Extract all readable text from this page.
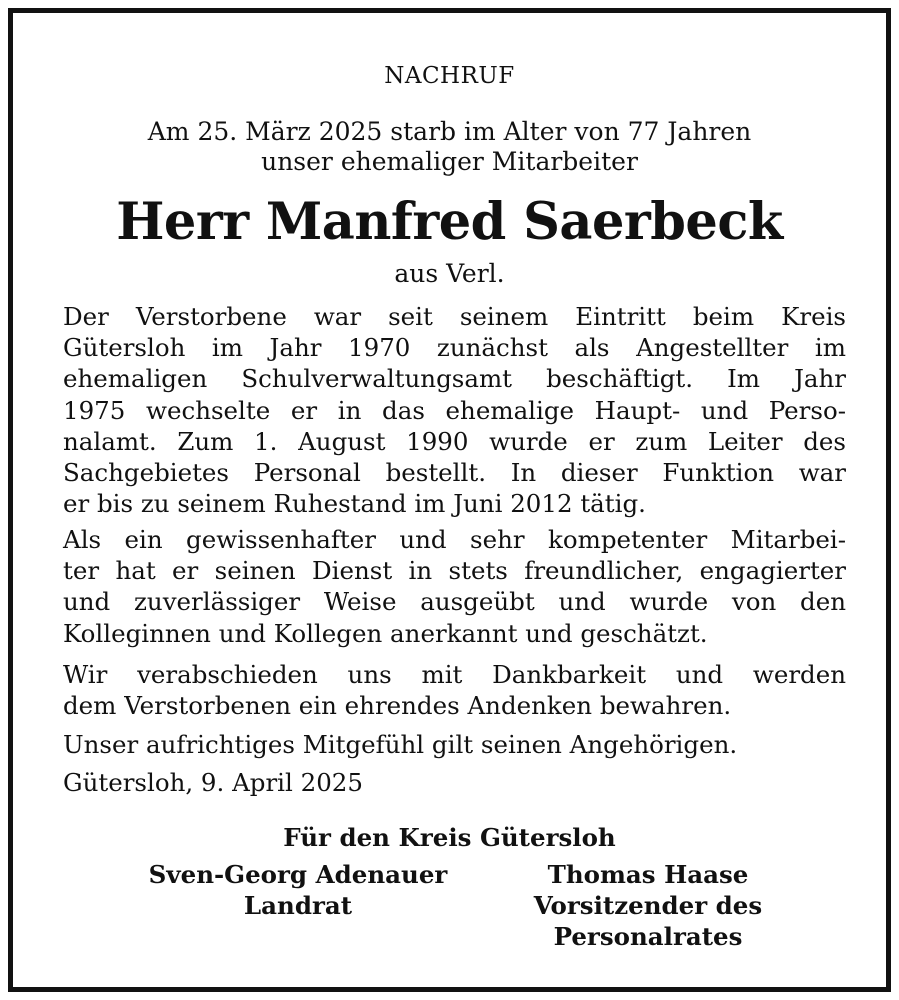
NACHRUF
Am 25. März 2025 starb im Alter von 77 Jahren
unser ehemaliger Mitarbeiter
Herr Manfred Saerbeck
aus Verl.

Der Verstorbene war seit seinem Eintritt beim Kreis
Gütersloh im Jahr 1970 zunächst als Angestellter im
ehemaligen Schulverwaltungsamt beschäftigt. Im Jahr
1975 wechselte er in das ehemalige Haupt- und Perso-
nalamt. Zum 1. August 1990 wurde er zum Leiter des
Sachgebietes Personal bestellt. In dieser Funktion war
er bis zu seinem Ruhestand im Juni 2012 tätig.

Als ein gewissenhafter und sehr kompetenter Mitarbei-
ter hat er seinen Dienst in stets freundlicher, engagierter
und zuverlässiger Weise ausgeübt und wurde von den
Kolleginnen und Kollegen anerkannt und geschätzt.

Wir verabschieden uns mit Dankbarkeit und werden
dem Verstorbenen ein ehrendes Andenken bewahren.

Unser aufrichtiges Mitgefühl gilt seinen Angehörigen.

Gütersloh, 9. April 2025

Für den Kreis Gütersloh
Sven-Georg Adenauer
Landrat
Thomas Haase
Vorsitzender des
Personalrates
